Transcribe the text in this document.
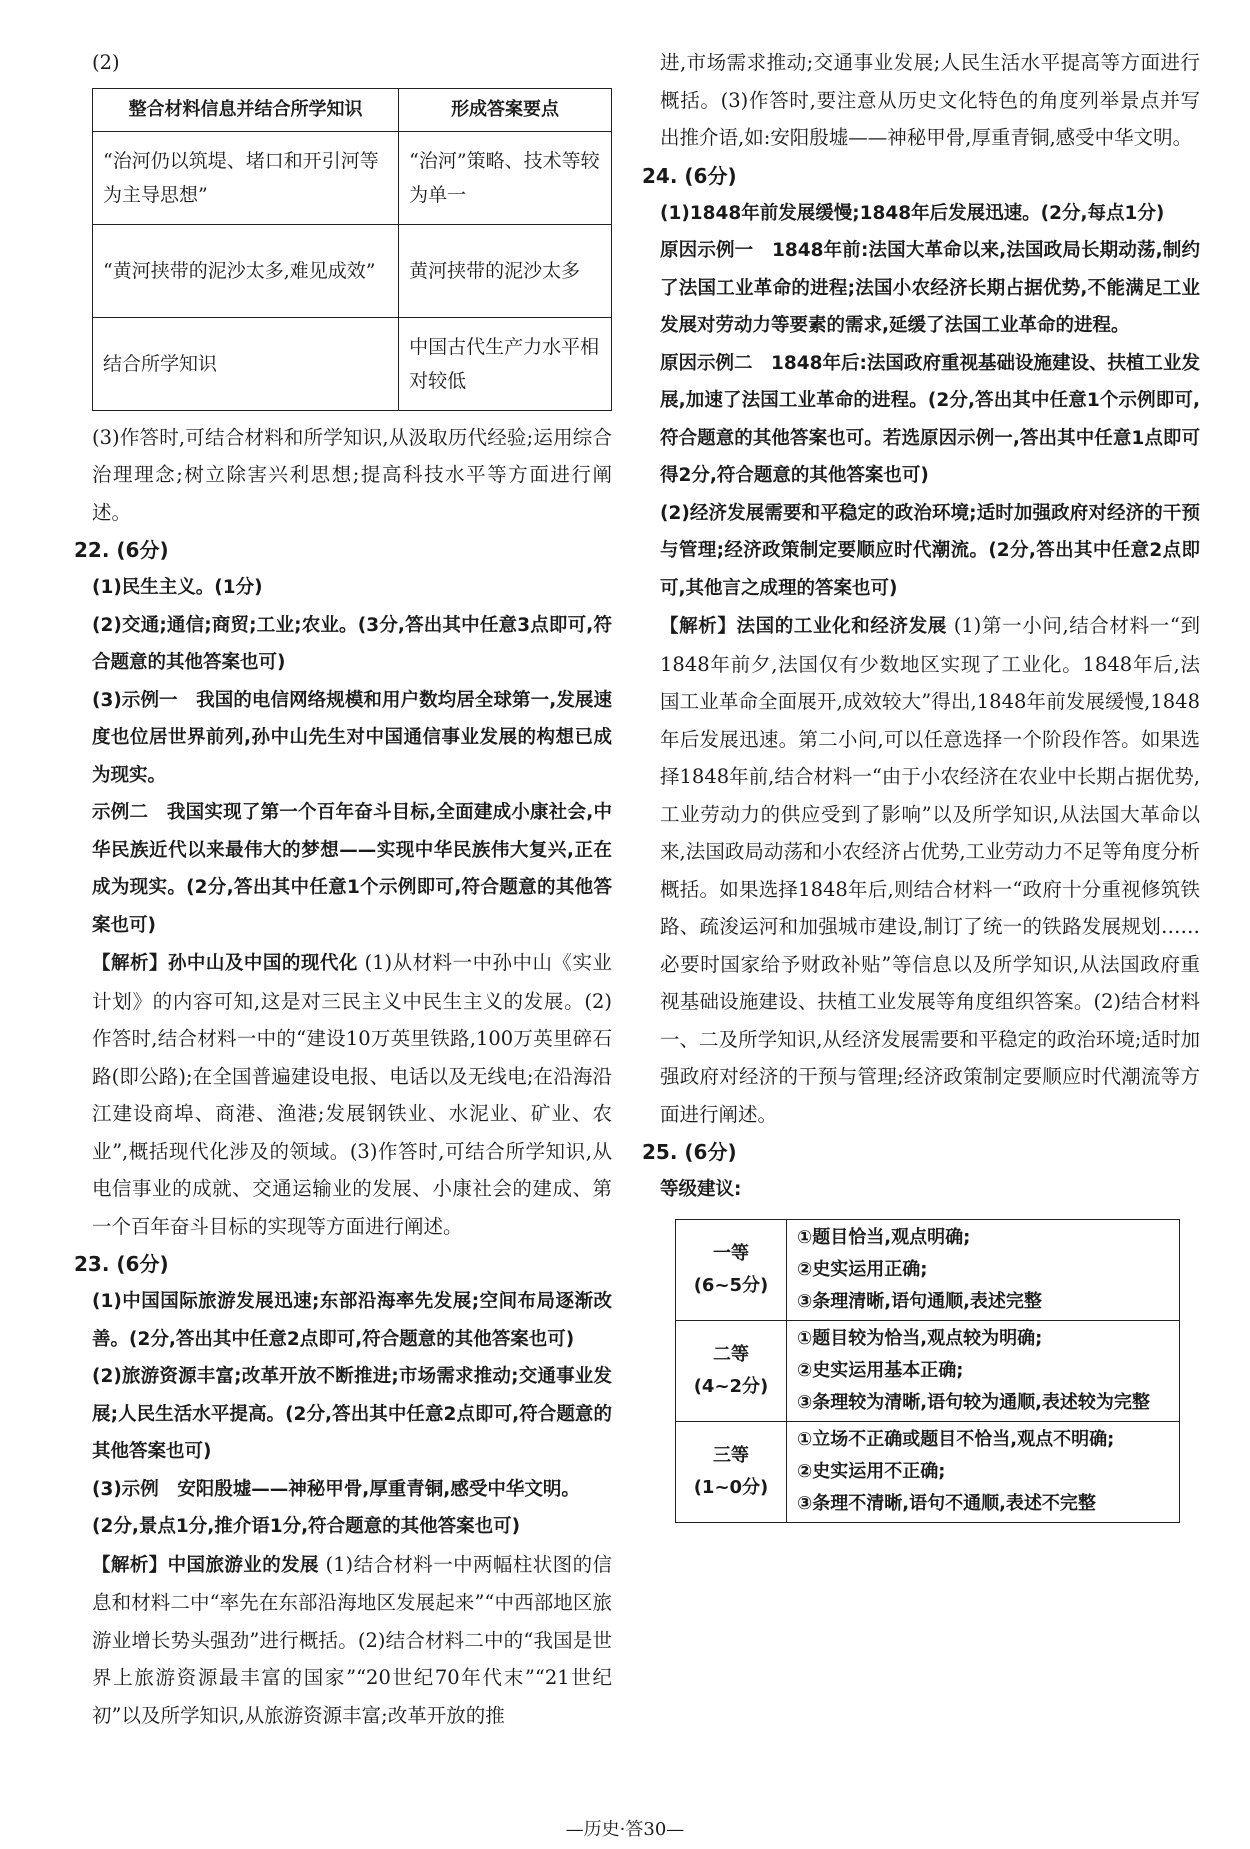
(2)

整合材料信息并结合所学知识	形成答案要点
“治河仍以筑堤、堵口和开引河等为主导思想”	“治河”策略、技术等较为单一
“黄河挟带的泥沙太多,难见成效”	黄河挟带的泥沙太多
结合所学知识	中国古代生产力水平相对较低

(3)作答时,可结合材料和所学知识,从汲取历代经验;运用综合治理理念;树立除害兴利思想;提高科技水平等方面进行阐述。

22. (6分)

(1)民生主义。(1分)

(2)交通;通信;商贸;工业;农业。(3分,答出其中任意3点即可,符合题意的其他答案也可)

(3)示例一　我国的电信网络规模和用户数均居全球第一,发展速度也位居世界前列,孙中山先生对中国通信事业发展的构想已成为现实。

示例二　我国实现了第一个百年奋斗目标,全面建成小康社会,中华民族近代以来最伟大的梦想——实现中华民族伟大复兴,正在成为现实。(2分,答出其中任意1个示例即可,符合题意的其他答案也可)

【解析】孙中山及中国的现代化 (1)从材料一中孙中山《实业计划》的内容可知,这是对三民主义中民生主义的发展。(2)作答时,结合材料一中的“建设10万英里铁路,100万英里碎石路(即公路);在全国普遍建设电报、电话以及无线电;在沿海沿江建设商埠、商港、渔港;发展钢铁业、水泥业、矿业、农业”,概括现代化涉及的领域。(3)作答时,可结合所学知识,从电信事业的成就、交通运输业的发展、小康社会的建成、第一个百年奋斗目标的实现等方面进行阐述。

23. (6分)

(1)中国国际旅游发展迅速;东部沿海率先发展;空间布局逐渐改善。(2分,答出其中任意2点即可,符合题意的其他答案也可)

(2)旅游资源丰富;改革开放不断推进;市场需求推动;交通事业发展;人民生活水平提高。(2分,答出其中任意2点即可,符合题意的其他答案也可)

(3)示例　安阳殷墟——神秘甲骨,厚重青铜,感受中华文明。

(2分,景点1分,推介语1分,符合题意的其他答案也可)

【解析】中国旅游业的发展 (1)结合材料一中两幅柱状图的信息和材料二中“率先在东部沿海地区发展起来”“中西部地区旅游业增长势头强劲”进行概括。(2)结合材料二中的“我国是世界上旅游资源最丰富的国家”“20世纪70年代末”“21世纪初”以及所学知识,从旅游资源丰富;改革开放的推

进,市场需求推动;交通事业发展;人民生活水平提高等方面进行概括。(3)作答时,要注意从历史文化特色的角度列举景点并写出推介语,如:安阳殷墟——神秘甲骨,厚重青铜,感受中华文明。

24. (6分)

(1)1848年前发展缓慢;1848年后发展迅速。(2分,每点1分)

原因示例一　1848年前:法国大革命以来,法国政局长期动荡,制约了法国工业革命的进程;法国小农经济长期占据优势,不能满足工业发展对劳动力等要素的需求,延缓了法国工业革命的进程。

原因示例二　1848年后:法国政府重视基础设施建设、扶植工业发展,加速了法国工业革命的进程。(2分,答出其中任意1个示例即可,符合题意的其他答案也可。若选原因示例一,答出其中任意1点即可得2分,符合题意的其他答案也可)

(2)经济发展需要和平稳定的政治环境;适时加强政府对经济的干预与管理;经济政策制定要顺应时代潮流。(2分,答出其中任意2点即可,其他言之成理的答案也可)

【解析】法国的工业化和经济发展 (1)第一小问,结合材料一“到1848年前夕,法国仅有少数地区实现了工业化。1848年后,法国工业革命全面展开,成效较大”得出,1848年前发展缓慢,1848年后发展迅速。第二小问,可以任意选择一个阶段作答。如果选择1848年前,结合材料一“由于小农经济在农业中长期占据优势,工业劳动力的供应受到了影响”以及所学知识,从法国大革命以来,法国政局动荡和小农经济占优势,工业劳动力不足等角度分析概括。如果选择1848年后,则结合材料一“政府十分重视修筑铁路、疏浚运河和加强城市建设,制订了统一的铁路发展规划……必要时国家给予财政补贴”等信息以及所学知识,从法国政府重视基础设施建设、扶植工业发展等角度组织答案。(2)结合材料一、二及所学知识,从经济发展需要和平稳定的政治环境;适时加强政府对经济的干预与管理;经济政策制定要顺应时代潮流等方面进行阐述。

25. (6分)

等级建议:

一等
(6~5分)	①题目恰当,观点明确;
②史实运用正确;
③条理清晰,语句通顺,表述完整

二等
(4~2分)	①题目较为恰当,观点较为明确;
②史实运用基本正确;
③条理较为清晰,语句较为通顺,表述较为完整

三等
(1~0分)	①立场不正确或题目不恰当,观点不明确;
②史实运用不正确;
③条理不清晰,语句不通顺,表述不完整
—历史·答30—
